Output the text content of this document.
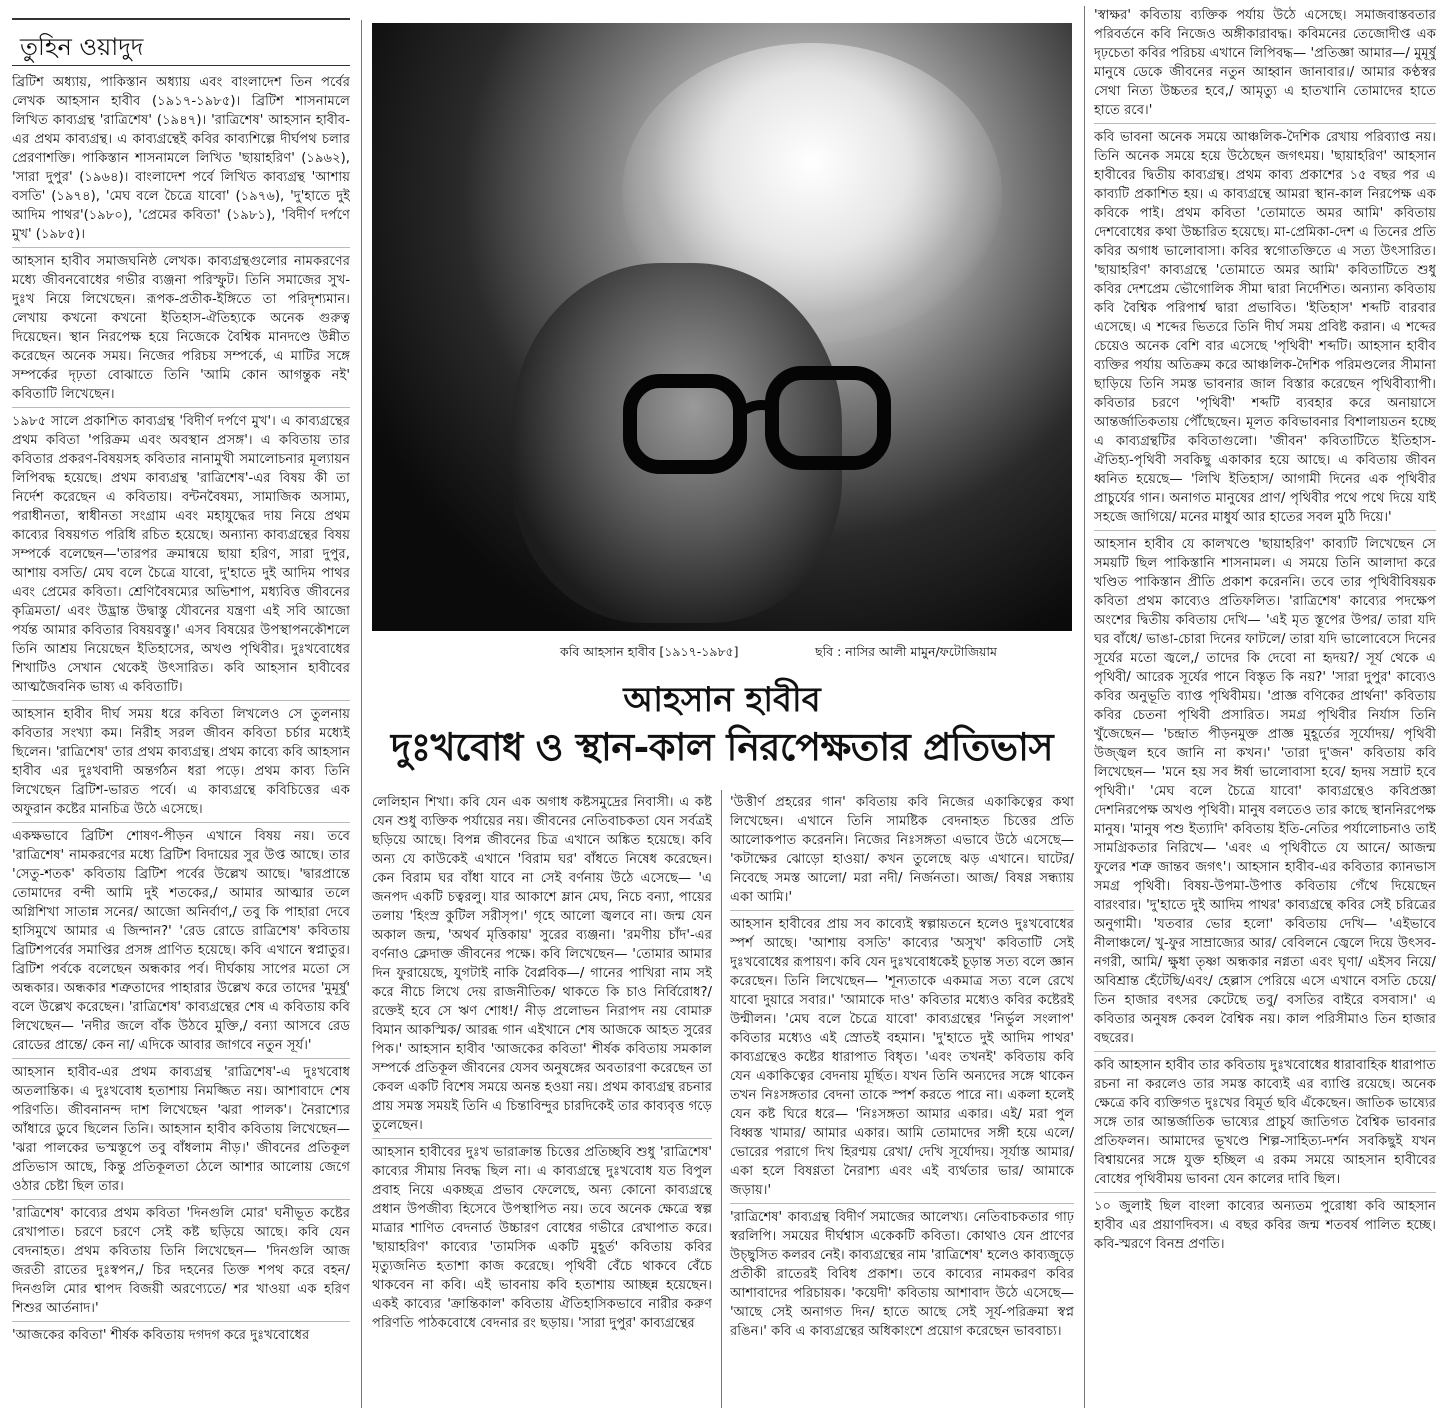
তুহিন ওয়াদুদ

ব্রিটিশ অধ্যায়, পাকিস্তান অধ্যায় এবং বাংলাদেশ তিন পর্বের লেখক আহসান হাবীব (১৯১৭-১৯৮৫)। ব্রিটিশ শাসনামলে লিখিত কাব্যগ্রন্থ 'রাত্রিশেষ' (১৯৪৭)। 'রাত্রিশেষ' আহসান হাবীব-এর প্রথম কাব্যগ্রন্থ। এ কাব্যগ্রন্থেই কবির কাব্যশিল্পে দীর্ঘপথ চলার প্রেরণাশক্তি। পাকিস্তান শাসনামলে লিখিত 'ছায়াহরিণ' (১৯৬২), 'সারা দুপুর' (১৯৬৪)। বাংলাদেশ পর্বে লিখিত কাব্যগ্রন্থ 'আশায় বসতি' (১৯৭৪), 'মেঘ বলে চৈত্রে যাবো' (১৯৭৬), 'দু'হাতে দুই আদিম পাথর'(১৯৮০), 'প্রেমের কবিতা' (১৯৮১), 'বিদীর্ণ দর্পণে মুখ' (১৯৮৫)।

আহসান হাবীব সমাজঘনিষ্ঠ লেখক। কাব্যগ্রন্থগুলোর নামকরণের মধ্যে জীবনবোধের গভীর ব্যঞ্জনা পরিস্ফুট। তিনি সমাজের সুখ-দুঃখ নিয়ে লিখেছেন। রূপক-প্রতীক-ইঙ্গিতে তা পরিদৃশ্যমান। লেখায় কখনো কখনো ইতিহাস-ঐতিহ্যকে অনেক গুরুত্ব দিয়েছেন। স্থান নিরপেক্ষ হয়ে নিজেকে বৈশ্বিক মানদণ্ডে উন্নীত করেছেন অনেক সময়। নিজের পরিচয় সম্পর্কে, এ মাটির সঙ্গে সম্পর্কের দৃঢ়তা বোঝাতে তিনি 'আমি কোন আগন্তুক নই' কবিতাটি লিখেছেন।

১৯৮৫ সালে প্রকাশিত কাব্যগ্রন্থ 'বিদীর্ণ দর্পণে মুখ'। এ কাব্যগ্রন্থের প্রথম কবিতা 'পরিক্রম এবং অবস্থান প্রসঙ্গ'। এ কবিতায় তার কবিতার প্রকরণ-বিষয়সহ কবিতার নানামুখী সমালোচনার মূল্যায়ন লিপিবদ্ধ হয়েছে। প্রথম কাব্যগ্রন্থ 'রাত্রিশেষ'-এর বিষয় কী তা নির্দেশ করেছেন এ কবিতায়। বন্টনবৈষম্য, সামাজিক অসাম্য, পরাধীনতা, স্বাধীনতা সংগ্রাম এবং মহাযুদ্ধের দায় নিয়ে প্রথম কাব্যের বিষয়গত পরিধি রচিত হয়েছে। অন্যান্য কাব্যগ্রন্থের বিষয় সম্পর্কে বলেছেন—'তারপর ক্রমান্বয়ে ছায়া হরিণ, সারা দুপুর, আশায় বসতি/ মেঘ বলে চৈত্রে যাবো, দু'হাতে দুই আদিম পাথর এবং প্রেমের কবিতা। শ্রেণিবৈষম্যের অভিশাপ, মধ্যবিত্ত জীবনের কৃত্রিমতা/ এবং উদ্ভ্রান্ত উদ্বাস্তু যৌবনের যন্ত্রণা এই সবি আজো পর্যন্ত আমার কবিতার বিষয়বস্তু।' এসব বিষয়ের উপস্থাপনকৌশলে তিনি আশ্রয় নিয়েছেন ইতিহাসের, অখণ্ড পৃথিবীর। দুঃখবোধের শিখাটিও সেখান থেকেই উৎসারিত। কবি আহসান হাবীবের আত্মজৈবনিক ভাষ্য এ কবিতাটি।

আহসান হাবীব দীর্ঘ সময় ধরে কবিতা লিখলেও সে তুলনায় কবিতার সংখ্যা কম। নিরীহ সরল জীবন কবিতা চর্চার মধ্যেই ছিলেন। 'রাত্রিশেষ' তার প্রথম কাব্যগ্রন্থ। প্রথম কাব্যে কবি আহসান হাবীব এর দুঃখবাদী অন্তর্গঠন ধরা পড়ে। প্রথম কাব্য তিনি লিখেছেন ব্রিটিশ-ভারত পর্বে। এ কাব্যগ্রন্থে কবিচিত্তের এক অফুরান কষ্টের মানচিত্র উঠে এসেছে।

একক্ষভাবে ব্রিটিশ শোষণ-পীড়ন এখানে বিষয় নয়। তবে 'রাত্রিশেষ' নামকরণের মধ্যে ব্রিটিশ বিদায়ের সুর উপ্ত আছে। তার 'সেতু-শতক' কবিতায় ব্রিটিশ পর্বের উল্লেখ আছে। 'দ্বারপ্রান্তে তোমাদের বন্দী আমি দুই শতকের,/ আমার আত্মার তলে অগ্নিশিখা সাতান্ন সনের/ আজো অনির্বাণ,/ তবু কি পাহারা দেবে হাসিমুখে আমার এ জিন্দান?' 'রেড রোডে রাত্রিশেষ' কবিতায় ব্রিটিশপর্বের সমাপ্তির প্রসঙ্গ প্রাণিত হয়েছে। কবি এখানে স্বপ্নাতুর। ব্রিটিশ পর্বকে বলেছেন অন্ধকার পর্ব। দীর্ঘকায় সাপের মতো সে অন্ধকার। অন্ধকার শত্রুতাদের পাহারার উল্লেখ করে তাদের 'মুমূর্ষু' বলে উল্লেখ করেছেন। 'রাত্রিশেষ' কাব্যগ্রন্থের শেষ এ কবিতায় কবি লিখেছেন— 'নদীর জলে বাঁক উঠবে মুক্তি,/ বন্যা আসবে রেড রোডের প্রান্তে/ কেন না/ এদিকে আবার জাগবে নতুন সূর্য।'

আহসান হাবীব-এর প্রথম কাব্যগ্রন্থ 'রাত্রিশেষ'-এ দুঃখবোধ অতলান্তিক। এ দুঃখবোধ হতাশায় নিমজ্জিত নয়। আশাবাদে শেষ পরিণতি। জীবনানন্দ দাশ লিখেছেন 'ঝরা পালক'। নৈরাশ্যের আঁধারে ডুবে ছিলেন তিনি। আহসান হাবীব কবিতায় লিখেছেন— 'ঝরা পালকের ভস্মস্তূপে তবু বাঁধলাম নীড়।' জীবনের প্রতিকূল প্রতিভাস আছে, কিন্তু প্রতিকূলতা ঠেলে আশার আলোয় জেগে ওঠার চেষ্টা ছিল তার।

'রাত্রিশেষ' কাব্যের প্রথম কবিতা 'দিনগুলি মোর' ঘনীভূত কষ্টের রেখাপাত। চরণে চরণে সেই কষ্ট ছড়িয়ে আছে। কবি যেন বেদনাহত। প্রথম কবিতায় তিনি লিখেছেন— 'দিনগুলি আজ জরতী রাতের দুঃস্বপন,/ চির দহনের তিক্ত শপথ করে বহন/ দিনগুলি মোর শ্বাপদ বিজয়ী অরণ্যেতে/ শর খাওয়া এক হরিণ শিশুর আর্তনাদ।'

'আজকের কবিতা' শীর্ষক কবিতায় দগদগ করে দুঃখবোধের

কবি আহসান হাবীব [১৯১৭-১৯৮৫]	ছবি : নাসির আলী মামুন/ফটোজিয়াম
আহসান হাবীব
দুঃখবোধ ও স্থান-কাল নিরপেক্ষতার প্রতিভাস

লেলিহান শিখা। কবি যেন এক অগাধ কষ্টসমুদ্রের নিবাসী। এ কষ্ট যেন শুধু ব্যক্তিক পর্যায়ের নয়। জীবনের নেতিবাচকতা যেন সর্বত্রই ছড়িয়ে আছে। বিপন্ন জীবনের চিত্র এখানে অঙ্কিত হয়েছে। কবি অন্য যে কাউকেই এখানে 'বিরাম ঘর' বাঁধতে নিষেধ করেছেন। কেন বিরাম ঘর বাঁধা যাবে না সেই বর্ণনায় উঠে এসেছে— 'এ জনপদ একটি চত্বরলু। যার আকাশে ম্লান মেঘ, নিচে বন্যা, পায়ের তলায় 'হিংস্র কুটিল সরীসৃপ।' গৃহে আলো জ্বলবে না। জন্ম যেন অকাল জন্ম, 'অথর্ব মৃত্তিকায়' সুরের ব্যঞ্জনা। 'রমণীয় চাঁদ'-এর বর্ণনাও ক্লেদাক্ত জীবনের পক্ষে। কবি লিখেছেন— 'তোমার আমার দিন ফুরায়েছে, যুগটাই নাকি বৈপ্লবিক—/ গানের পাখিরা নাম সই করে নীচে লিখে দেয় রাজনীতিক/ থাকতে কি চাও নির্বিরোধ?/ রক্তেই হবে সে ঋণ শোধ!/ নীড় প্রলোভন নিরাপদ নয় বোমারু বিমান আকস্মিক/ আরব্ধ গান এইখানে শেষ আজকে আহত সুরের পিক।' আহসান হাবীব 'আজকের কবিতা' শীর্ষক কবিতায় সমকাল সম্পর্কে প্রতিকূল জীবনের যেসব অনুষঙ্গের অবতারণা করেছেন তা কেবল একটি বিশেষ সময়ে অনন্ত হওয়া নয়। প্রথম কাব্যগ্রন্থ রচনার প্রায় সমস্ত সময়ই তিনি এ চিন্তাবিন্দুর চারদিকেই তার কাব্যবৃত্ত গড়ে তুলেছেন।

আহসান হাবীবের দুঃখ ভারাক্রান্ত চিত্তের প্রতিচ্ছবি শুধু 'রাত্রিশেষ' কাব্যের সীমায় নিবদ্ধ ছিল না। এ কাব্যগ্রন্থে দুঃখবোধ যত বিপুল প্রবাহ নিয়ে একচ্ছত্র প্রভাব ফেলেছে, অন্য কোনো কাব্যগ্রন্থে প্রধান উপজীব্য হিসেবে উপস্থাপিত নয়। তবে অনেক ক্ষেত্রে স্বল্প মাত্রার শাণিত বেদনার্ত উচ্চারণ বোধের গভীরে রেখাপাত করে। 'ছায়াহরিণ' কাব্যের 'তামসিক একটি মুহূর্ত' কবিতায় কবির মৃত্যুজনিত হতাশা কাজ করেছে। পৃথিবী বেঁচে থাকবে বেঁচে থাকবেন না কবি। এই ভাবনায় কবি হতাশায় আচ্ছন্ন হয়েছেন। একই কাব্যের 'ক্রান্তিকাল' কবিতায় ঐতিহাসিকভাবে নারীর করুণ পরিণতি পাঠকবোধে বেদনার রং ছড়ায়। 'সারা দুপুর' কাব্যগ্রন্থের

'উত্তীর্ণ প্রহরের গান' কবিতায় কবি নিজের একাকিত্বের কথা লিখেছেন। এখানে তিনি সামষ্টিক বেদনাহত চিত্তের প্রতি আলোকপাত করেননি। নিজের নিঃসঙ্গতা এভাবে উঠে এসেছে— 'কটাক্ষের ঝোড়ো হাওয়া/ কখন তুলেছে ঝড় এখানে। ঘাটের/ নিবেছে সমস্ত আলো/ মরা নদী/ নির্জনতা। আজ/ বিষণ্ণ সন্ধ্যায় একা আমি।'

আহসান হাবীবের প্রায় সব কাব্যেই স্বল্পায়তনে হলেও দুঃখবোধের স্পর্শ আছে। 'আশায় বসতি' কাব্যের 'অসুখ' কবিতাটি সেই দুঃখবোধের রূপায়ণ। কবি যেন দুঃখবোধকেই চূড়ান্ত সত্য বলে জ্ঞান করেছেন। তিনি লিখেছেন— 'শূন্যতাকে একমাত্র সত্য বলে রেখে যাবো দুয়ারে সবার।' 'আমাকে দাও' কবিতার মধ্যেও কবির কষ্টেরই উন্মীলন। 'মেঘ বলে চৈত্রে যাবো' কাব্যগ্রন্থের 'নির্ভুল সংলাপ' কবিতার মধ্যেও এই স্রোতই বহমান। 'দু'হাতে দুই আদিম পাথর' কাব্যগ্রন্থেও কষ্টের ধারাপাত বিধৃত। 'এবং তখনই' কবিতায় কবি যেন একাকিত্বের বেদনায় মূর্ছিত। যখন তিনি অন্যদের সঙ্গে থাকেন তখন নিঃসঙ্গতার বেদনা তাকে স্পর্শ করতে পারে না। একলা হলেই যেন কষ্ট ঘিরে ধরে— 'নিঃসঙ্গতা আমার একার। এই/ মরা পুল বিধ্বস্ত খামার/ আমার একার। আমি তোমাদের সঙ্গী হয়ে এলে/ ভোরের পরাগে দিখ হিরণ্ময় রেখা/ দেখি সূর্যোদয়। সূর্যাস্ত আমার/ একা হলে বিষণ্ণতা নৈরাশ্য এবং এই ব্যর্থতার ভার/ আমাকে জড়ায়।'

'রাত্রিশেষ' কাব্যগ্রন্থ বিদীর্ণ সমাজের আলেখ্য। নেতিবাচকতার গাঢ় স্বরলিপি। সময়ের দীর্ঘশ্বাস একেকটি কবিতা। কোথাও যেন প্রাণের উচ্ছ্বসিত কলরব নেই। কাব্যগ্রন্থের নাম 'রাত্রিশেষ' হলেও কাব্যজুড়ে প্রতীকী রাতেরই বিবিধ প্রকাশ। তবে কাব্যের নামকরণ কবির আশাবাদের পরিচায়ক। 'কয়েদী' কবিতায় আশাবাদ উঠে এসেছে— 'আছে সেই অনাগত দিন/ হাতে আছে সেই সূর্য-পরিক্রমা স্বপ্ন রঙিন।' কবি এ কাব্যগ্রন্থের অধিকাংশে প্রয়োগ করেছেন ভাববাচ্য।

'স্বাক্ষর' কবিতায় ব্যক্তিক পর্যায় উঠে এসেছে। সমাজবাস্তবতার পরিবর্তনে কবি নিজেও অঙ্গীকারাবদ্ধ। কবিমনের তেজোদীপ্ত এক দৃঢ়চেতা কবির পরিচয় এখানে লিপিবদ্ধ— 'প্রতিজ্ঞা আমার—/ মুমূর্ষু মানুষে ডেকে জীবনের নতুন আহ্বান জানাবার।/ আমার কণ্ঠস্বর সেথা নিত্য উচ্চতর হবে,/ আমৃত্যু এ হাতখানি তোমাদের হাতে হাতে রবে।'

কবি ভাবনা অনেক সময়ে আঞ্চলিক-দৈশিক রেখায় পরিব্যাপ্ত নয়। তিনি অনেক সময়ে হয়ে উঠেছেন জগৎময়। 'ছায়াহরিণ' আহসান হাবীবের দ্বিতীয় কাব্যগ্রন্থ। প্রথম কাব্য প্রকাশের ১৫ বছর পর এ কাব্যটি প্রকাশিত হয়। এ কাব্যগ্রন্থে আমরা স্থান-কাল নিরপেক্ষ এক কবিকে পাই। প্রথম কবিতা 'তোমাতে অমর আমি' কবিতায় দেশবোধের কথা উচ্চারিত হয়েছে। মা-প্রেমিকা-দেশ এ তিনের প্রতি কবির অগাধ ভালোবাসা। কবির স্বগোতক্তিতে এ সত্য উৎসারিত। 'ছায়াহরিণ' কাব্যগ্রন্থে 'তোমাতে অমর আমি' কবিতাটিতে শুধু কবির দেশপ্রেম ভৌগোলিক সীমা দ্বারা নির্দেশিত। অন্যান্য কবিতায় কবি বৈশ্বিক পরিপার্শ্ব দ্বারা প্রভাবিত। 'ইতিহাস' শব্দটি বারবার এসেছে। এ শব্দের ভিতরে তিনি দীর্ঘ সময় প্রবিষ্ট করান। এ শব্দের চেয়েও অনেক বেশি বার এসেছে 'পৃথিবী' শব্দটি। আহসান হাবীব ব্যক্তির পর্যায় অতিক্রম করে আঞ্চলিক-দৈশিক পরিমণ্ডলের সীমানা ছাড়িয়ে তিনি সমস্ত ভাবনার জাল বিস্তার করেছেন পৃথিবীব্যাপী। কবিতার চরণে 'পৃথিবী' শব্দটি ব্যবহার করে অনায়াসে আন্তর্জাতিকতায় পৌঁছেছেন। মূলত কবিভাবনার বিশালায়তন হচ্ছে এ কাব্যগ্রন্থটির কবিতাগুলো। 'জীবন' কবিতাটিতে ইতিহাস-ঐতিহ্য-পৃথিবী সবকিছু একাকার হয়ে আছে। এ কবিতায় জীবন ধ্বনিত হয়েছে— 'লিখি ইতিহাস/ আগামী দিনের এক পৃথিবীর প্রাচুর্যের গান। অনাগত মানুষের প্রাণ/ পৃথিবীর পথে পথে দিয়ে যাই সহজে জাগিয়ে/ মনের মাধুর্য আর হাতের সবল মুঠি দিয়ে।'

আহসান হাবীব যে কালখণ্ডে 'ছায়াহরিণ' কাব্যটি লিখেছেন সে সময়টি ছিল পাকিস্তানি শাসনামল। এ সময়ে তিনি আলাদা করে খণ্ডিত পাকিস্তান প্রীতি প্রকাশ করেননি। তবে তার পৃথিবীবিষয়ক কবিতা প্রথম কাব্যেও প্রতিফলিত। 'রাত্রিশেষ' কাব্যের পদক্ষেপ অংশের দ্বিতীয় কবিতায় দেখি— 'এই মৃত স্তূপের উপর/ তারা যদি ঘর বাঁধে/ ভাঙা-চোরা দিনের ফাটলে/ তারা যদি ভালোবেসে দিনের সূর্যের মতো জ্বলে,/ তাদের কি দেবো না হৃদয়?/ সূর্য থেকে এ পৃথিবী/ আরেক সূর্যের পানে বিস্তৃত কি নয়?' 'সারা দুপুর' কাব্যেও কবির অনুভূতি ব্যাপ্ত পৃথিবীময়। 'প্রাজ্ঞ বণিকের প্রার্থনা' কবিতায় কবির চেতনা পৃথিবী প্রসারিত। সমগ্র পৃথিবীর নির্যাস তিনি খুঁজেছেন— 'চন্দ্রাত পীড়নমুক্ত প্রাজ্ঞ মুহূর্তের সূর্যোদয়/ পৃথিবী উজ্জ্বল হবে জানি না কখন।' 'তারা দু'জন' কবিতায় কবি লিখেছেন— 'মনে হয় সব ঈর্ষা ভালোবাসা হবে/ হৃদয় সম্রাট হবে পৃথিবী।' 'মেঘ বলে চৈত্রে যাবো' কাব্যগ্রন্থেও কবিপ্রজ্ঞা দেশনিরপেক্ষ অখণ্ড পৃথিবী। মানুষ বলতেও তার কাছে স্থাননিরপেক্ষ মানুষ। 'মানুষ পশু ইত্যাদি' কবিতায় ইতি-নেতির পর্যালোচনাও তাই সামগ্রিকতার নিরিখে— 'এবং এ পৃথিবীতে যে আনে/ আজন্ম ফুলের শত্রু জান্তব জগৎ'। আহসান হাবীব-এর কবিতার ক্যানভাস সমগ্র পৃথিবী। বিষয়-উপমা-উপাত্ত কবিতায় গেঁথে দিয়েছেন বারংবার। 'দু'হাতে দুই আদিম পাথর' কাব্যগ্রন্থে কবির সেই চরিত্রের অনুগামী। 'যতবার ভোর হলো' কবিতায় দেখি— 'এইভাবে নীলাঞ্চলে/ খু-ফুর সাম্রাজ্যের আর/ বেবিলনে জ্বেলে দিয়ে উৎসব-নগরী, আমি/ ক্ষুধা তৃষ্ণা অন্ধকার নগ্নতা এবং ঘৃণা/ এইসব নিয়ে/ অবিশ্রান্ত হেঁটেছি/এবং/ হেল্লাস পেরিয়ে এসে এখানে বসতি চেয়ে/ তিন হাজার বৎসর কেটেছে তবু/ বসতির বাইরে বসবাস।' এ কবিতার অনুষঙ্গ কেবল বৈশ্বিক নয়। কাল পরিসীমাও তিন হাজার বছরের।

কবি আহসান হাবীব তার কবিতায় দুঃখবোধের ধারাবাহিক ধারাপাত রচনা না করলেও তার সমস্ত কাব্যেই এর ব্যাপ্তি রয়েছে। অনেক ক্ষেত্রে কবি ব্যক্তিগত দুঃখের বিমূর্ত ছবি এঁকেছেন। জাতিক ভাষ্যের সঙ্গে তার আন্তর্জাতিক ভাষ্যের প্রাচুর্য জাতিগত বৈশ্বিক ভাবনার প্রতিফলন। আমাদের ভূখণ্ডে শিল্প-সাহিত্য-দর্শন সবকিছুই যখন বিশ্বায়নের সঙ্গে যুক্ত হচ্ছিল এ রকম সময়ে আহসান হাবীবের বোধের পৃথিবীময় ভাবনা যেন কালের দাবি ছিল।

১০ জুলাই ছিল বাংলা কাব্যের অন্যতম পুরোধা কবি আহসান হাবীব এর প্রয়াণদিবস। এ বছর কবির জন্ম শতবর্ষ পালিত হচ্ছে। কবি-স্মরণে বিনম্র প্রণতি।
